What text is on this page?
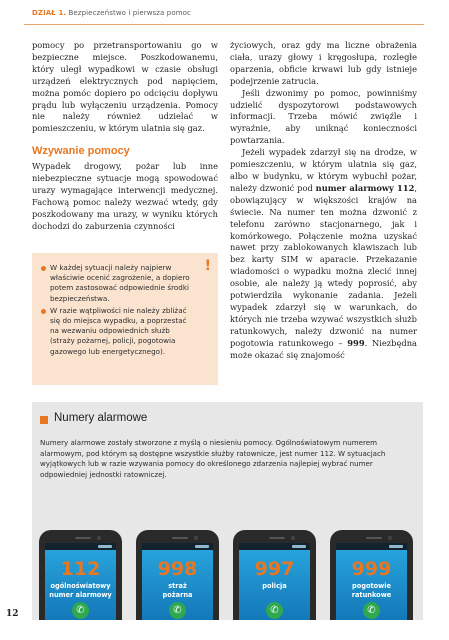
DZIAŁ 1. Bezpieczeństwo i pierwsza pomoc

pomocy po przetransportowaniu go w bezpieczne miejsce. Poszkodowanemu, który uległ wypadkowi w czasie obsługi urządzeń elektrycznych pod napięciem, można pomóc dopiero po odcięciu dopływu prądu lub wyłączeniu urządzenia. Pomocy nie należy również udzielać w pomieszczeniu, w którym ulatnia się gaz.

Wzywanie pomocy

Wypadek drogowy, pożar lub inne niebezpieczne sytuacje mogą spowodować urazy wymagające interwencji medycznej. Fachową pomoc należy wezwać wtedy, gdy poszkodowany ma urazy, w wyniku których dochodzi do zaburzenia czynności

!
W każdej sytuacji należy najpierw właściwie ocenić zagrożenie, a dopiero potem zastosować odpowiednie środki bezpieczeństwa.
W razie wątpliwości nie należy zbliżać się do miejsca wypadku, a poprzestać na wezwaniu odpowiednich służb (straży pożarnej, policji, pogotowia gazowego lub energetycznego).

życiowych, oraz gdy ma liczne obrażenia ciała, urazy głowy i kręgosłupa, rozległe oparzenia, obficie krwawi lub gdy istnieje podejrzenie zatrucia.

Jeśli dzwonimy po pomoc, powinniśmy udzielić dyspozytorowi podstawowych informacji. Trzeba mówić zwięźle i wyraźnie, aby uniknąć konieczności powtarzania.

Jeżeli wypadek zdarzył się na drodze, w pomieszczeniu, w którym ulatnia się gaz, albo w budynku, w którym wybuchł pożar, należy dzwonić pod numer alarmowy 112, obowiązujący w większości krajów na świecie. Na numer ten można dzwonić z telefonu zarówno stacjonarnego, jak i komórkowego. Połączenie można uzyskać nawet przy zablokowanych klawiszach lub bez karty SIM w aparacie. Przekazanie wiadomości o wypadku można zlecić innej osobie, ale należy ją wtedy poprosić, aby potwierdziła wykonanie zadania. Jeżeli wypadek zdarzył się w warunkach, do których nie trzeba wzywać wszystkich służb ratunkowych, należy dzwonić na numer pogotowia ratunkowego – 999. Niezbędna może okazać się znajomość

Numery alarmowe
Numery alarmowe zostały stworzone z myślą o niesieniu pomocy. Ogólnoświatowym numerem alarmowym, pod którym są dostępne wszystkie służby ratownicze, jest numer 112. W sytuacjach wyjątkowych lub w razie wzywania pomocy do określonego zdarzenia najlepiej wybrać numer odpowiedniej jednostki ratowniczej.
112
ogólnoświatowy
numer alarmowy
✆
998
straż
pożarna
✆
997
policja

✆
999
pogotowie
ratunkowe
✆
12
